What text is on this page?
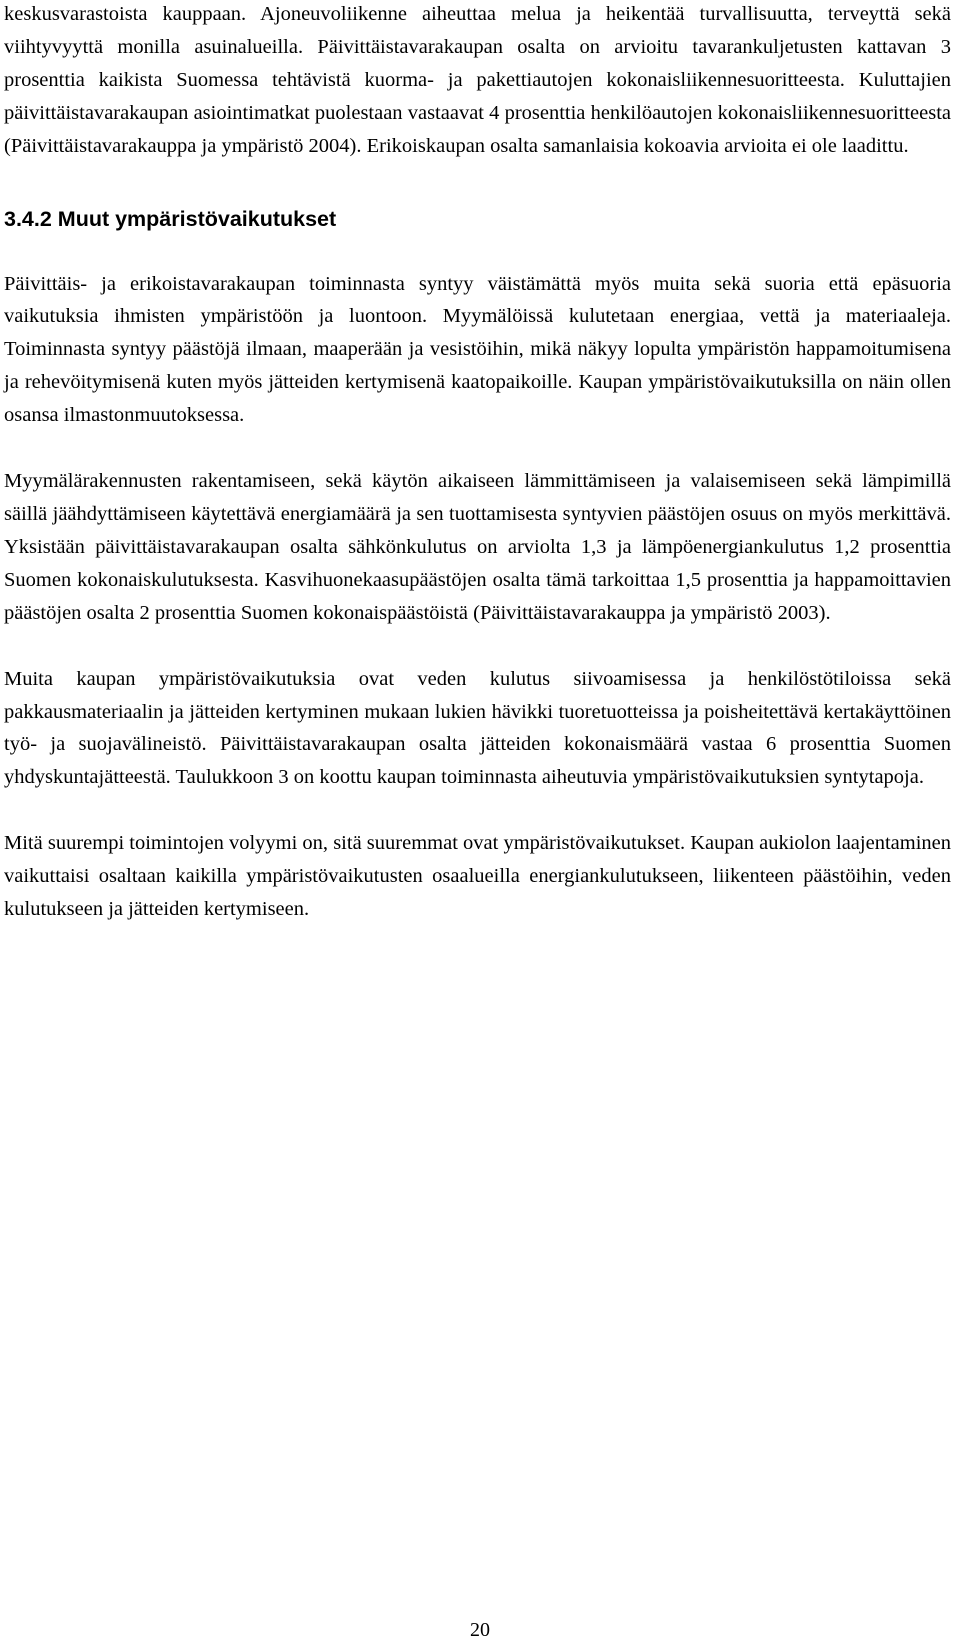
keskusvarastoista kauppaan. Ajoneuvoliikenne aiheuttaa melua ja heikentää turvallisuutta, terveyttä sekä viihtyvyyttä monilla asuinalueilla. Päivittäistavarakaupan osalta on arvioitu tavarankuljetusten kattavan 3 prosenttia kaikista Suomessa tehtävistä kuorma- ja pakettiautojen kokonaisliikennesuoritteesta. Kuluttajien päivittäistavarakaupan asiointimatkat puolestaan vastaavat 4 prosenttia henkilöautojen kokonaisliikennesuoritteesta (Päivittäistavarakauppa ja ympäristö 2004). Erikoiskaupan osalta samanlaisia kokoavia arvioita ei ole laadittu.

3.4.2 Muut ympäristövaikutukset

Päivittäis- ja erikoistavarakaupan toiminnasta syntyy väistämättä myös muita sekä suoria että epäsuoria vaikutuksia ihmisten ympäristöön ja luontoon. Myymälöissä kulutetaan energiaa, vettä ja materiaaleja. Toiminnasta syntyy päästöjä ilmaan, maaperään ja vesistöihin, mikä näkyy lopulta ympäristön happamoitumisena ja rehevöitymisenä kuten myös jätteiden kertymisenä kaatopaikoille. Kaupan ympäristövaikutuksilla on näin ollen osansa ilmastonmuutoksessa.

Myymälärakennusten rakentamiseen, sekä käytön aikaiseen lämmittämiseen ja valaisemiseen sekä lämpimillä säillä jäähdyttämiseen käytettävä energiamäärä ja sen tuottamisesta syntyvien päästöjen osuus on myös merkittävä. Yksistään päivittäistavarakaupan osalta sähkönkulutus on arviolta 1,3 ja lämpöenergiankulutus 1,2 prosenttia Suomen kokonaiskulutuksesta. Kasvihuonekaasupäästöjen osalta tämä tarkoittaa 1,5 prosenttia ja happamoittavien päästöjen osalta 2 prosenttia Suomen kokonaispäästöistä (Päivittäistavarakauppa ja ympäristö 2003).

Muita kaupan ympäristövaikutuksia ovat veden kulutus siivoamisessa ja henkilöstötiloissa sekä pakkausmateriaalin ja jätteiden kertyminen mukaan lukien hävikki tuoretuotteissa ja poisheitettävä kertakäyttöinen työ- ja suojavälineistö. Päivittäistavarakaupan osalta jätteiden kokonaismäärä vastaa 6 prosenttia Suomen yhdyskuntajätteestä. Taulukkoon 3 on koottu kaupan toiminnasta aiheutuvia ympäristövaikutuksien syntytapoja.

Mitä suurempi toimintojen volyymi on, sitä suuremmat ovat ympäristövaikutukset. Kaupan aukiolon laajentaminen vaikuttaisi osaltaan kaikilla ympäristövaikutusten osaalueilla energiankulutukseen, liikenteen päästöihin, veden kulutukseen ja jätteiden kertymiseen.

20
